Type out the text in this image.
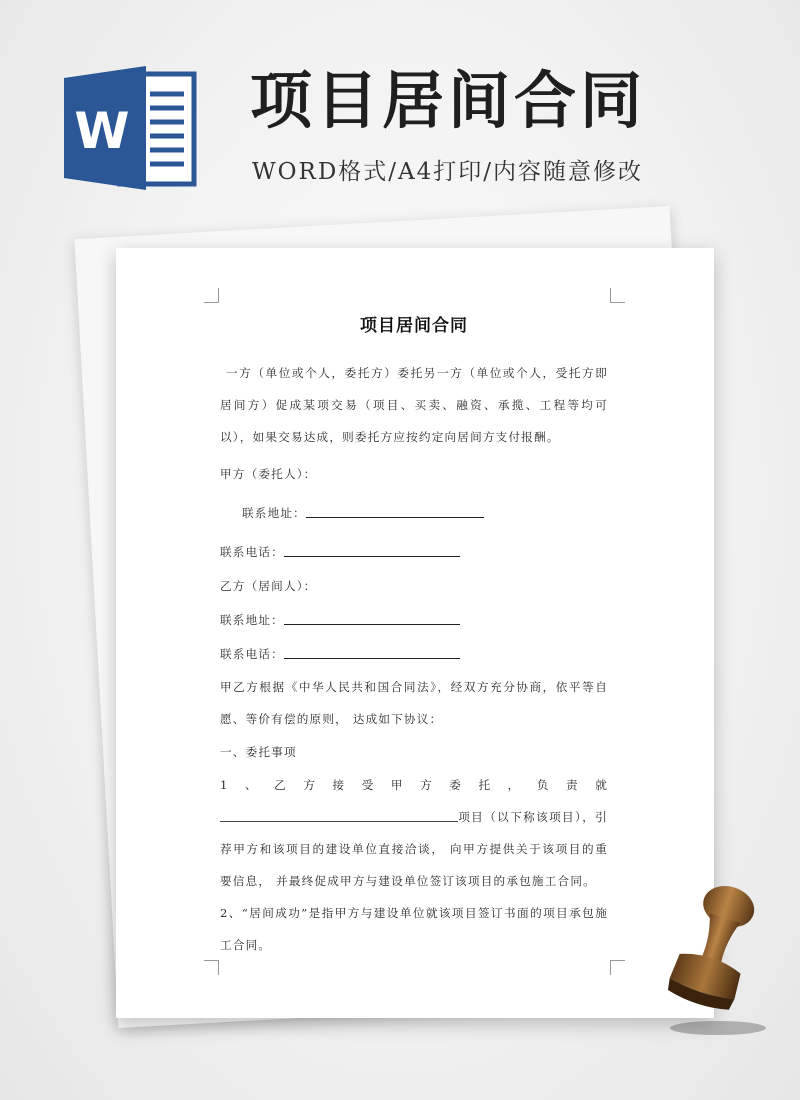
W 项目居间合同
WORD格式/A4打印/内容随意修改
项目居间合同

一方（单位或个人，委托方）委托另一方（单位或个人，受托方即居间方）促成某项交易（项目、买卖、融资、承揽、工程等均可以），如果交易达成，则委托方应按约定向居间方支付报酬。

甲方（委托人）：
联系地址：
联系电话：
乙方（居间人）：
联系地址：
联系电话：

甲乙方根据《中华人民共和国合同法》，经双方充分协商，依平等自愿、等价有偿的原则， 达成如下协议：

一、委托事项

1、乙方接受甲方委托，负责就项目（以下称该项目），引荐甲方和该项目的建设单位直接洽谈， 向甲方提供关于该项目的重要信息， 并最终促成甲方与建设单位签订该项目的承包施工合同。

2、“居间成功”是指甲方与建设单位就该项目签订书面的项目承包施工合同。
